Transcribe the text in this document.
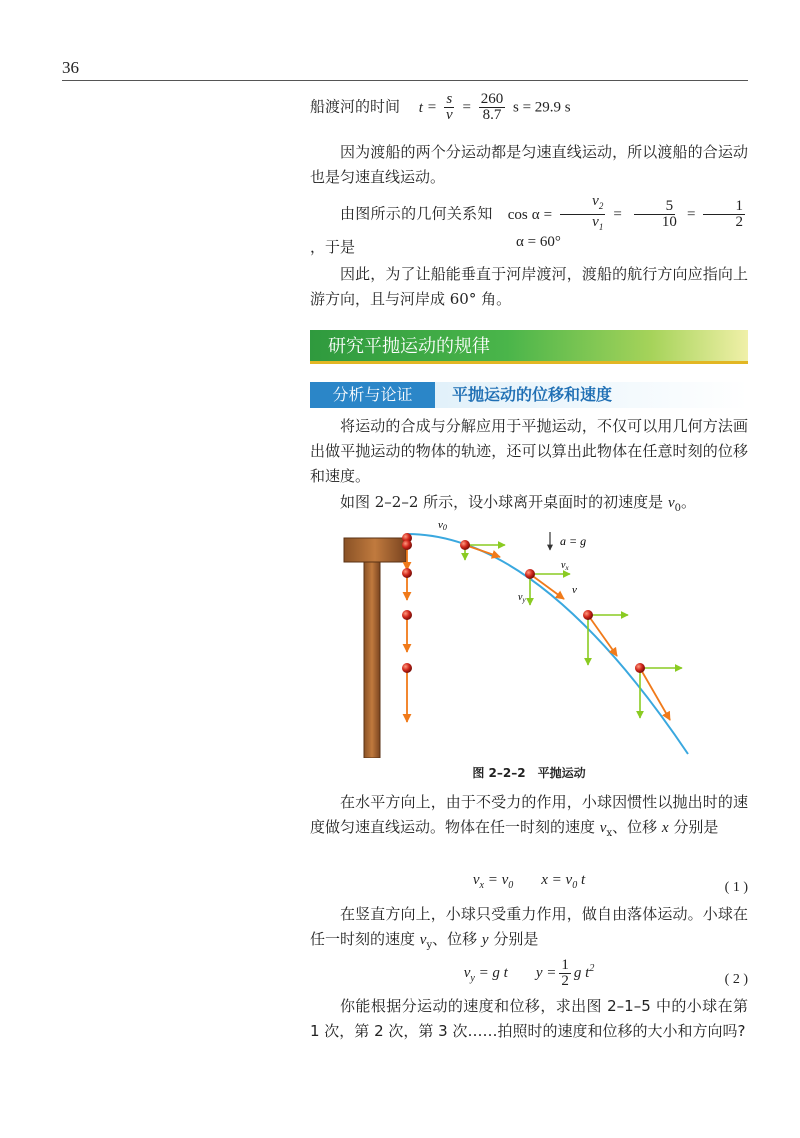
36
船渡河的时间 $t = \frac{s}{v} = \frac{260}{8.7}$ s = 29.9 s
因为渡船的两个分运动都是匀速直线运动，所以渡船的合运动也是匀速直线运动。
由图所示的几何关系知 $\cos \alpha = \frac{v_2}{v_1} = \frac{5}{10} = \frac{1}{2}$
，于是	α = 60°
因此，为了让船能垂直于河岸渡河，渡船的航行方向应指向上游方向，且与河岸成 60° 角。
研究平抛运动的规律
分析与论证	平抛运动的位移和速度
将运动的合成与分解应用于平抛运动，不仅可以用几何方法画出做平抛运动的物体的轨迹，还可以算出此物体在任意时刻的位移和速度。
如图 2–2–2 所示，设小球离开桌面时的初速度是 $v_0$。
v0
a = g
$v_x$
$v_y$
v
图 2–2–2　平抛运动
在水平方向上，由于不受力的作用，小球因惯性以抛出时的速度做匀速直线运动。物体在任一时刻的速度 $v_x$、位移 x 分别是
$v_x = v_0$ $x = v_0$ t	( 1 )
在竖直方向上，小球只受重力作用，做自由落体运动。小球在任一时刻的速度 $v_y$、位移 y 分别是
$v_y = g$ t $y = \frac{1}{2}$ g $t^2$
( 2 )
你能根据分运动的速度和位移，求出图 2–1–5 中的小球在第 1 次，第 2 次，第 3 次……拍照时的速度和位移的大小和方向吗?
